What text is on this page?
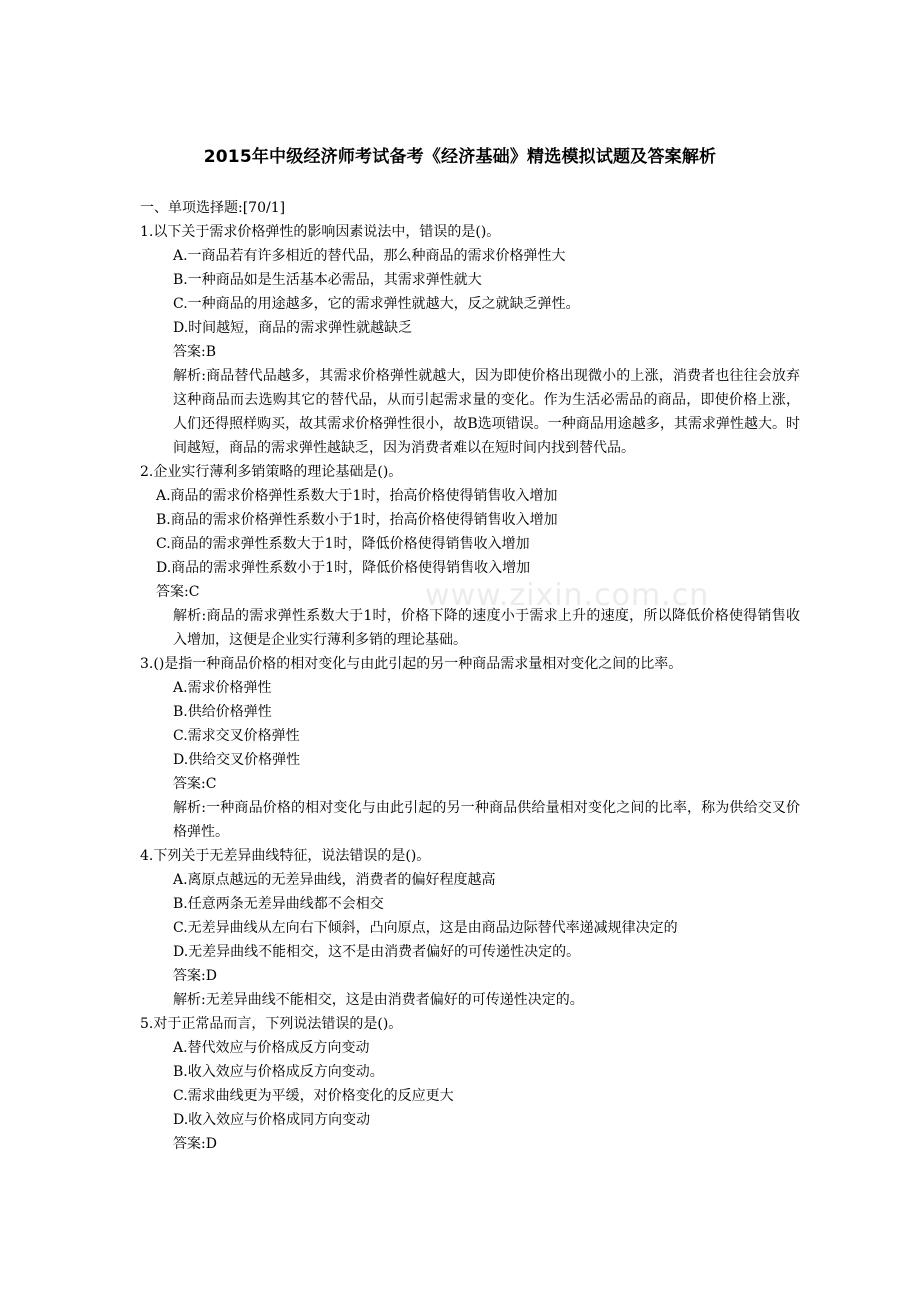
www.zixin.com.cn
2015年中级经济师考试备考《经济基础》精选模拟试题及答案解析
一、单项选择题:[70/1]
1.以下关于需求价格弹性的影响因素说法中，错误的是()。
A.一商品若有许多相近的替代品，那么种商品的需求价格弹性大
B.一种商品如是生活基本必需品，其需求弹性就大
C.一种商品的用途越多，它的需求弹性就越大，反之就缺乏弹性。
D.时间越短，商品的需求弹性就越缺乏
答案:B
解析:商品替代品越多，其需求价格弹性就越大，因为即使价格出现微小的上涨，消费者也往往会放弃这种商品而去选购其它的替代品，从而引起需求量的变化。作为生活必需品的商品，即使价格上涨，人们还得照样购买，故其需求价格弹性很小，故B选项错误。一种商品用途越多，其需求弹性越大。时间越短，商品的需求弹性越缺乏，因为消费者难以在短时间内找到替代品。
2.企业实行薄利多销策略的理论基础是()。
A.商品的需求价格弹性系数大于1时，抬高价格使得销售收入增加
B.商品的需求价格弹性系数小于1时，抬高价格使得销售收入增加
C.商品的需求弹性系数大于1时，降低价格使得销售收入增加
D.商品的需求弹性系数小于1时，降低价格使得销售收入增加
答案:C
解析:商品的需求弹性系数大于1时，价格下降的速度小于需求上升的速度，所以降低价格使得销售收入增加，这便是企业实行薄利多销的理论基础。
3.()是指一种商品价格的相对变化与由此引起的另一种商品需求量相对变化之间的比率。
A.需求价格弹性
B.供给价格弹性
C.需求交叉价格弹性
D.供给交叉价格弹性
答案:C
解析:一种商品价格的相对变化与由此引起的另一种商品供给量相对变化之间的比率，称为供给交叉价格弹性。
4.下列关于无差异曲线特征，说法错误的是()。
A.离原点越远的无差异曲线，消费者的偏好程度越高
B.任意两条无差异曲线都不会相交
C.无差异曲线从左向右下倾斜，凸向原点，这是由商品边际替代率递减规律决定的
D.无差异曲线不能相交，这不是由消费者偏好的可传递性决定的。
答案:D
解析:无差异曲线不能相交，这是由消费者偏好的可传递性决定的。
5.对于正常品而言，下列说法错误的是()。
A.替代效应与价格成反方向变动
B.收入效应与价格成反方向变动。
C.需求曲线更为平缓，对价格变化的反应更大
D.收入效应与价格成同方向变动
答案:D
